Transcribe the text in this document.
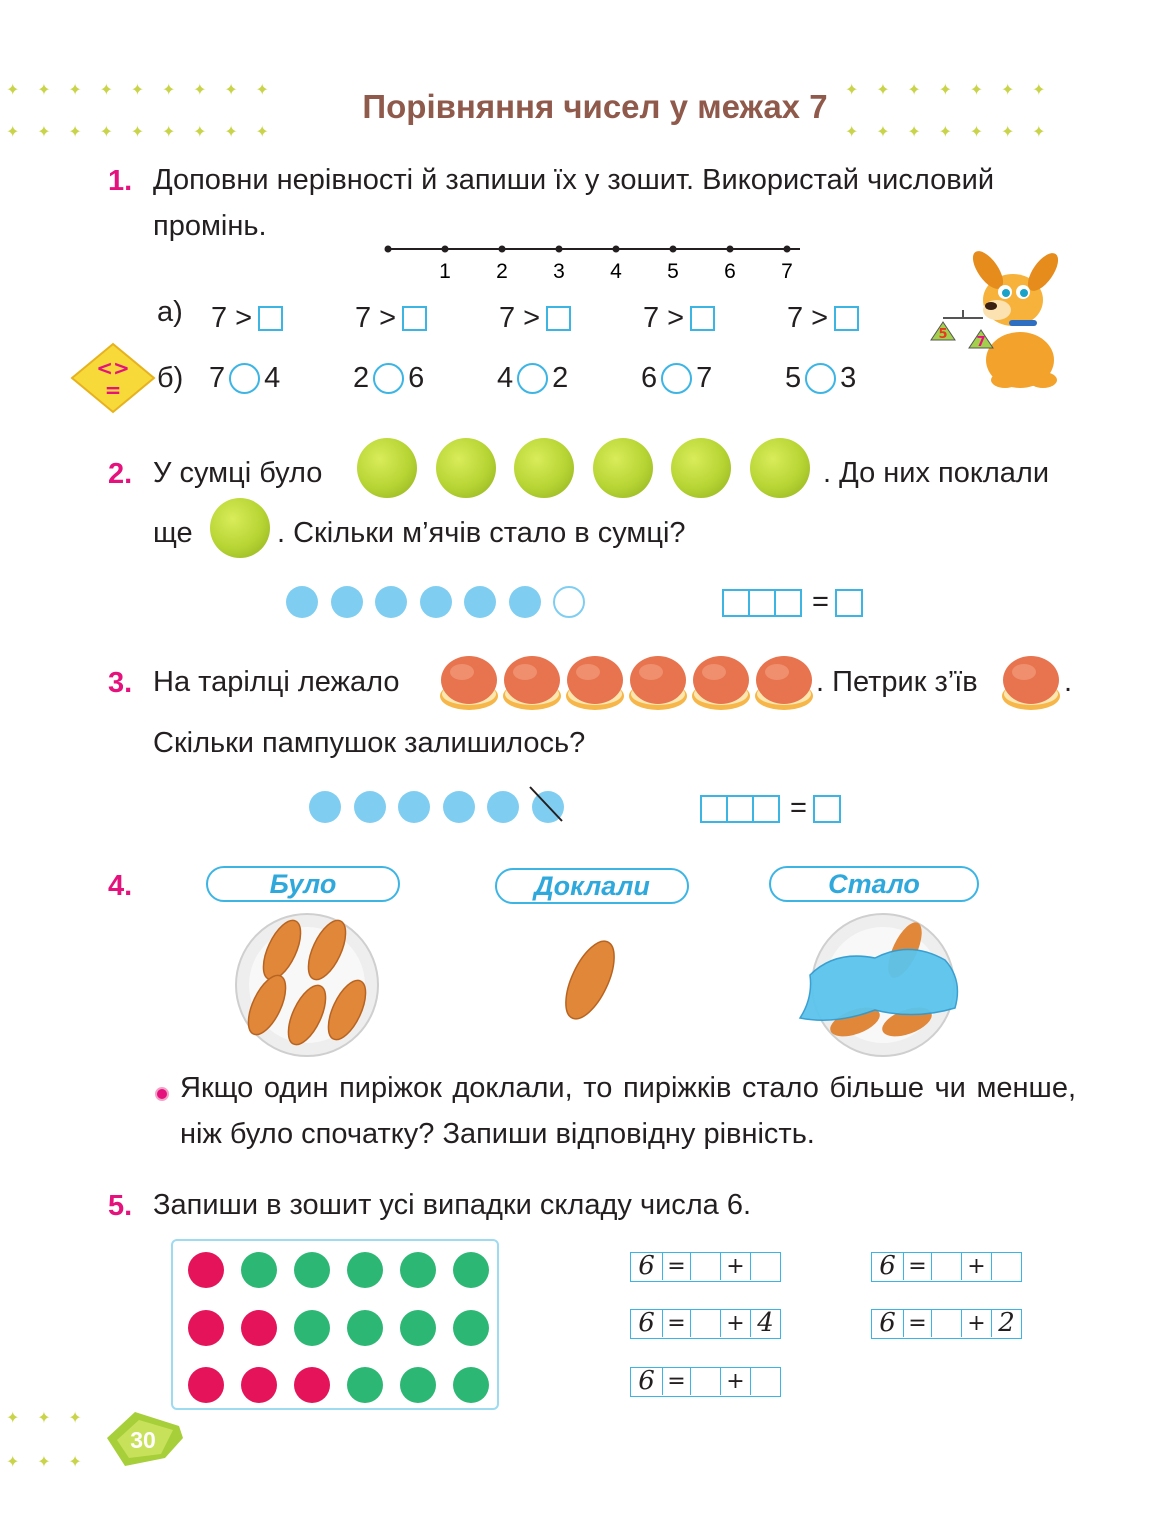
✦    ✦    ✦    ✦    ✦    ✦    ✦    ✦    ✦
✦    ✦    ✦    ✦    ✦    ✦    ✦    ✦    ✦
✦    ✦    ✦    ✦    ✦    ✦    ✦
✦    ✦    ✦    ✦    ✦    ✦    ✦
✦    ✦    ✦
✦    ✦    ✦
Порівняння чисел у межах 7
1. Доповни нерівності й запиши їх у зошит. Використай числовий промінь.
1 2 3 4 5 6 7
а) 7 >	7 >	7 >	7 >	7 >
б) 7 4	2 6	4 2	6 7	5 3
<>
=
5
7
2. У сумці було	. До них поклали
ще	. Скільки м’ячів стало в сумці?
=
3. На тарілці лежало	. Петрик з’їв	.
Скільки пампушок залишилось?
=
4.	Було	Доклали	Стало
Якщо один пиріжок доклали, то пиріжків стало більше чи менше, ніж було спочатку? Запиши відповідну рівність.
5. Запиши в зошит усі випадки складу числа 6.
6 = +	6 = +
6 = + 4	6 = + 2
6 = +
30
